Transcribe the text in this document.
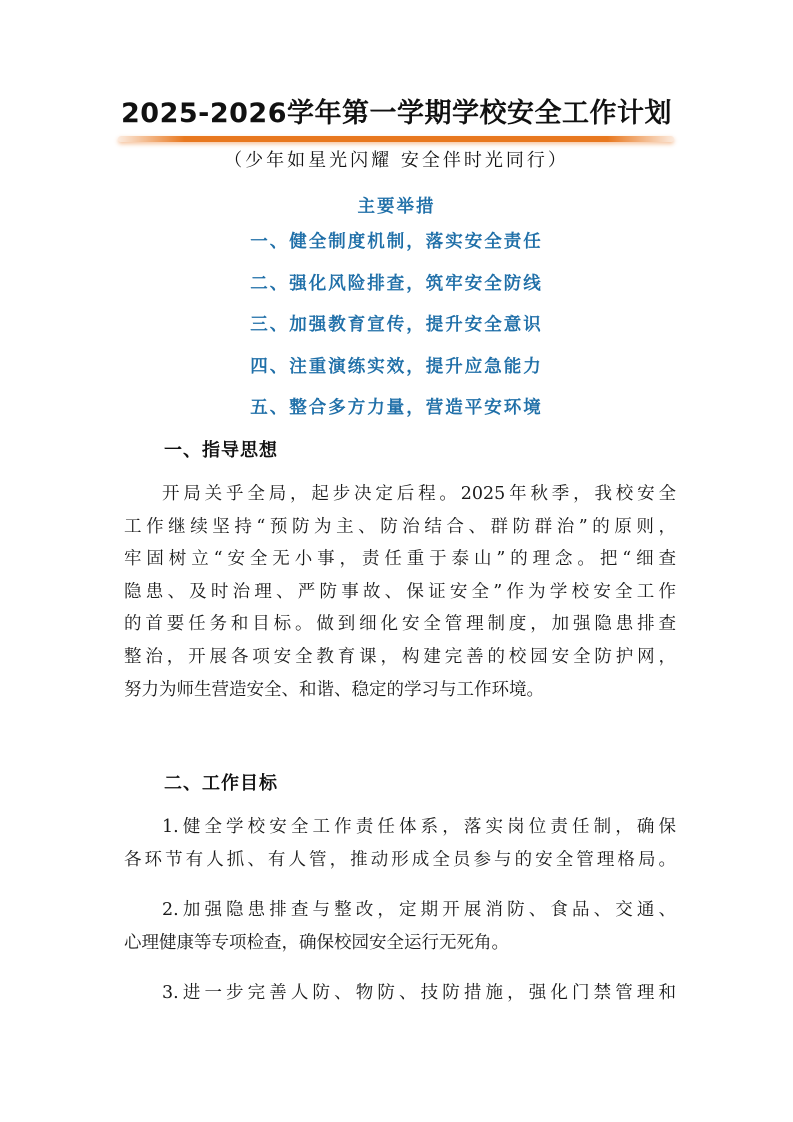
2025-2026学年第一学期学校安全工作计划
（少年如星光闪耀 安全伴时光同行）
主要举措
一、健全制度机制，落实安全责任
二、强化风险排查，筑牢安全防线
三、加强教育宣传，提升安全意识
四、注重演练实效，提升应急能力
五、整合多方力量，营造平安环境
一、指导思想
开局关乎全局，起步决定后程。2025年秋季，我校安全
工作继续坚持“预防为主、防治结合、群防群治”的原则，
牢固树立“安全无小事，责任重于泰山”的理念。把“细查
隐患、及时治理、严防事故、保证安全”作为学校安全工作
的首要任务和目标。做到细化安全管理制度，加强隐患排查
整治，开展各项安全教育课，构建完善的校园安全防护网，
努力为师生营造安全、和谐、稳定的学习与工作环境。
二、工作目标
1.健全学校安全工作责任体系，落实岗位责任制，确保
各环节有人抓、有人管，推动形成全员参与的安全管理格局。
2.加强隐患排查与整改，定期开展消防、食品、交通、
心理健康等专项检查，确保校园安全运行无死角。
3.进一步完善人防、物防、技防措施，强化门禁管理和
